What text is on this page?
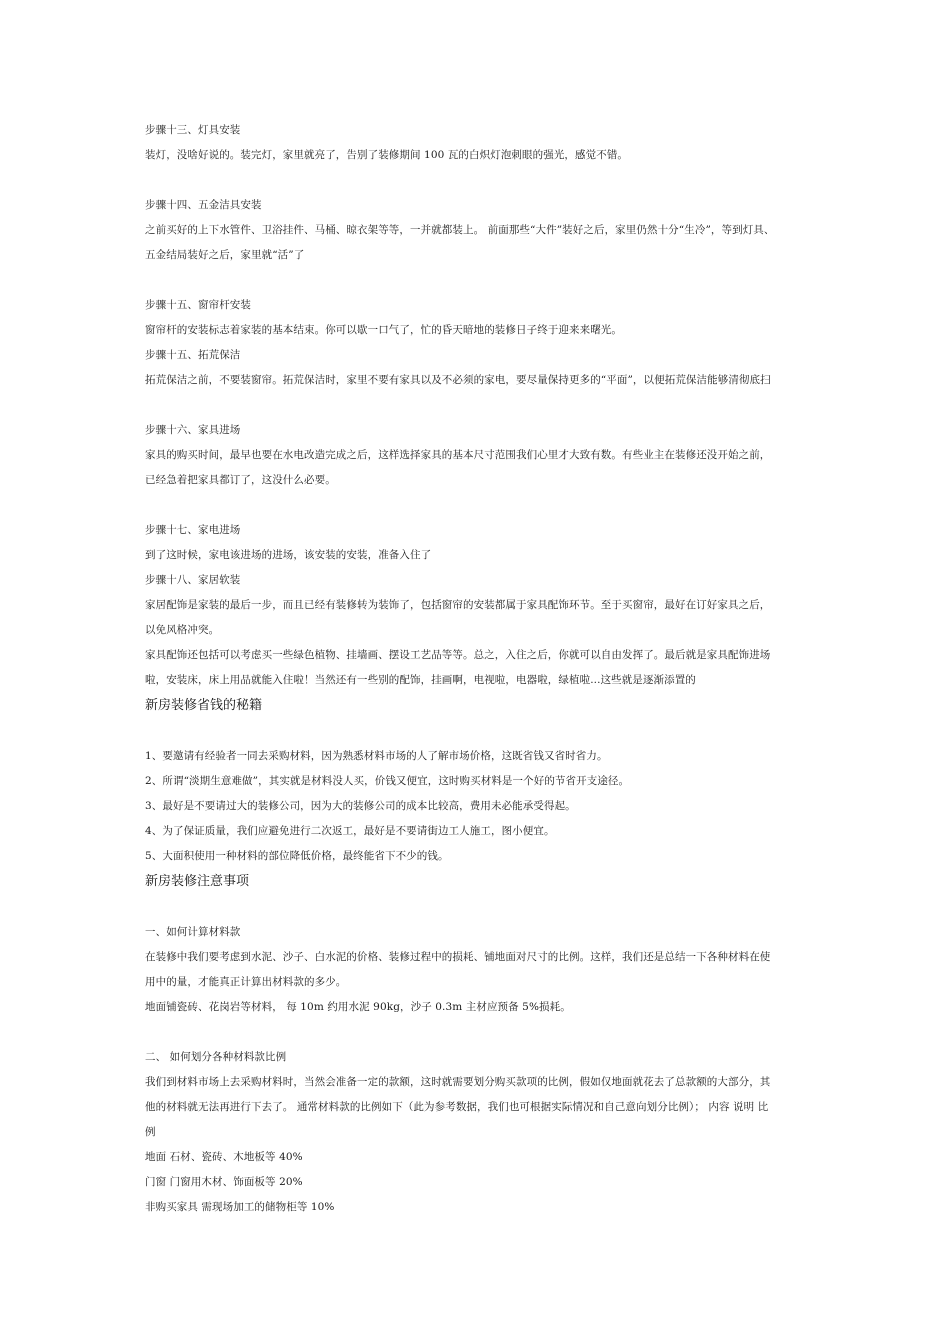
步骤十三、灯具安装
装灯，没啥好说的。装完灯，家里就亮了，告别了装修期间 100 瓦的白炽灯泡刺眼的强光，感觉不错。
步骤十四、五金洁具安装
之前买好的上下水管件、卫浴挂件、马桶、晾衣架等等，一并就都装上。 前面那些“大件”装好之后，家里仍然十分“生冷”，等到灯具、
五金结局装好之后，家里就“活”了
步骤十五、窗帘杆安装
窗帘杆的安装标志着家装的基本结束。你可以歇一口气了，忙的昏天暗地的装修日子终于迎来来曙光。
步骤十五、拓荒保洁
拓荒保洁之前，不要装窗帘。拓荒保洁时，家里不要有家具以及不必须的家电，要尽量保持更多的“平面”，以便拓荒保洁能够清彻底扫
步骤十六、家具进场
家具的购买时间，最早也要在水电改造完成之后，这样选择家具的基本尺寸范围我们心里才大致有数。有些业主在装修还没开始之前，
已经急着把家具都订了，这没什么必要。
步骤十七、家电进场
到了这时候，家电该进场的进场，该安装的安装，准备入住了
步骤十八、家居软装
家居配饰是家装的最后一步，而且已经有装修转为装饰了，包括窗帘的安装都属于家具配饰环节。至于买窗帘，最好在订好家具之后，
以免风格冲突。
家具配饰还包括可以考虑买一些绿色植物、挂墙画、摆设工艺品等等。总之，入住之后，你就可以自由发挥了。最后就是家具配饰进场
啦，安装床，床上用品就能入住啦！当然还有一些别的配饰，挂画啊，电视啦，电器啦，绿植啦...这些就是逐渐添置的
新房装修省钱的秘籍
1、要邀请有经验者一同去采购材料，因为熟悉材料市场的人了解市场价格，这既省钱又省时省力。
2、所谓“淡期生意难做”，其实就是材料没人买，价钱又便宜，这时购买材料是一个好的节省开支途径。
3、最好是不要请过大的装修公司，因为大的装修公司的成本比较高，费用未必能承受得起。
4、为了保证质量，我们应避免进行二次返工，最好是不要请街边工人施工，图小便宜。
5、大面积使用一种材料的部位降低价格，最终能省下不少的钱。
新房装修注意事项
一、如何计算材料款
在装修中我们要考虑到水泥、沙子、白水泥的价格、装修过程中的损耗、铺地面对尺寸的比例。这样，我们还是总结一下各种材料在使
用中的量，才能真正计算出材料款的多少。
地面铺瓷砖、花岗岩等材料， 每 10m 约用水泥 90kg，沙子 0.3m 主材应预备 5%损耗。
二、 如何划分各种材料款比例
我们到材料市场上去采购材料时，当然会准备一定的款额，这时就需要划分购买款项的比例，假如仅地面就花去了总款额的大部分，其
他的材料就无法再进行下去了。 通常材料款的比例如下（此为参考数据，我们也可根据实际情况和自己意向划分比例）； 内容 说明 比
例
地面 石材、瓷砖、木地板等 40%
门窗 门窗用木材、饰面板等 20%
非购买家具 需现场加工的储物柜等 10%
